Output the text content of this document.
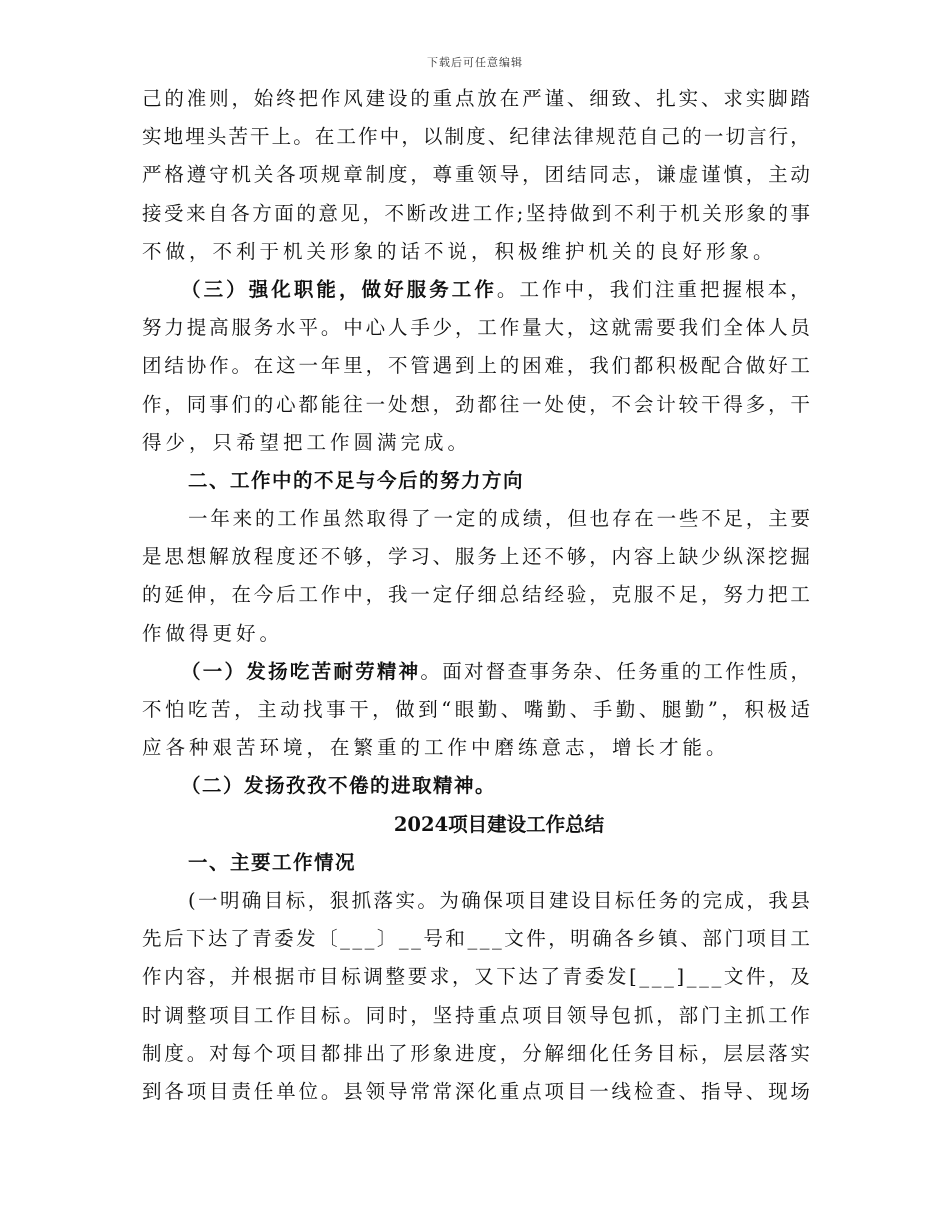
下载后可任意编辑
己 的 准 则 ， 始 终 把 作 风 建 设 的 重 点 放 在 严 谨 、 细 致 、 扎 实 、 求 实 脚 踏
实 地 埋 头 苦 干 上 。 在 工 作 中 ， 以 制 度 、 纪 律 法 律 规 范 自 己 的 一 切 言 行 ，
严 格 遵 守 机 关 各 项 规 章 制 度 ， 尊 重 领 导 ， 团 结 同 志 ， 谦 虚 谨 慎 ， 主 动
接 受 来 自 各 方 面 的 意 见 ， 不 断 改 进 工 作 ; 坚 持 做 到 不 利 于 机 关 形 象 的 事
不做，不利于机关形象的话不说，积极维护机关的良好形象。
（ 三 ） 强 化 职 能 ， 做 好 服 务 工 作 。 工 作 中 ， 我 们 注 重 把 握 根 本 ，
努 力 提 高 服 务 水 平 。 中 心 人 手 少 ， 工 作 量 大 ， 这 就 需 要 我 们 全 体 人 员
团 结 协 作 。 在 这 一 年 里 ， 不 管 遇 到 上 的 困 难 ， 我 们 都 积 极 配 合 做 好 工
作 ， 同 事 们 的 心 都 能 往 一 处 想 ， 劲 都 往 一 处 使 ， 不 会 计 较 干 得 多 ， 干
得少，只希望把工作圆满完成。
二、工作中的不足与今后的努力方向
一 年 来 的 工 作 虽 然 取 得 了 一 定 的 成 绩 ， 但 也 存 在 一 些 不 足 ， 主 要
是 思 想 解 放 程 度 还 不 够 ， 学 习 、 服 务 上 还 不 够 ， 内 容 上 缺 少 纵 深 挖 掘
的 延 伸 ， 在 今 后 工 作 中 ， 我 一 定 仔 细 总 结 经 验 ， 克 服 不 足 ， 努 力 把 工
作做得更好。
（ 一 ） 发 扬 吃 苦 耐 劳 精 神 。 面 对 督 查 事 务 杂 、 任 务 重 的 工 作 性 质 ，
不 怕 吃 苦 ， 主 动 找 事 干 ， 做 到 “ 眼 勤 、 嘴 勤 、 手 勤 、 腿 勤 ” ， 积 极 适
应各种艰苦环境，在繁重的工作中磨练意志，增长才能。
（二）发扬孜孜不倦的进取精神。
2024项目建设工作总结
一、主要工作情况
( 一 明 确 目 标 ， 狠 抓 落 实 。 为 确 保 项 目 建 设 目 标 任 务 的 完 成 ， 我 县
先 后 下 达 了 青 委 发 〔 _ _ _ 〕 _ _ 号 和 _ _ _ 文 件 ， 明 确 各 乡 镇 、 部 门 项 目 工
作 内 容 ， 并 根 据 市 目 标 调 整 要 求 ， 又 下 达 了 青 委 发 [ _ _ _ ] _ _ _ 文 件 ， 及
时 调 整 项 目 工 作 目 标 。 同 时 ， 坚 持 重 点 项 目 领 导 包 抓 ， 部 门 主 抓 工 作
制 度 。 对 每 个 项 目 都 排 出 了 形 象 进 度 ， 分 解 细 化 任 务 目 标 ， 层 层 落 实
到 各 项 目 责 任 单 位 。 县 领 导 常 常 深 化 重 点 项 目 一 线 检 查 、 指 导 、 现 场
